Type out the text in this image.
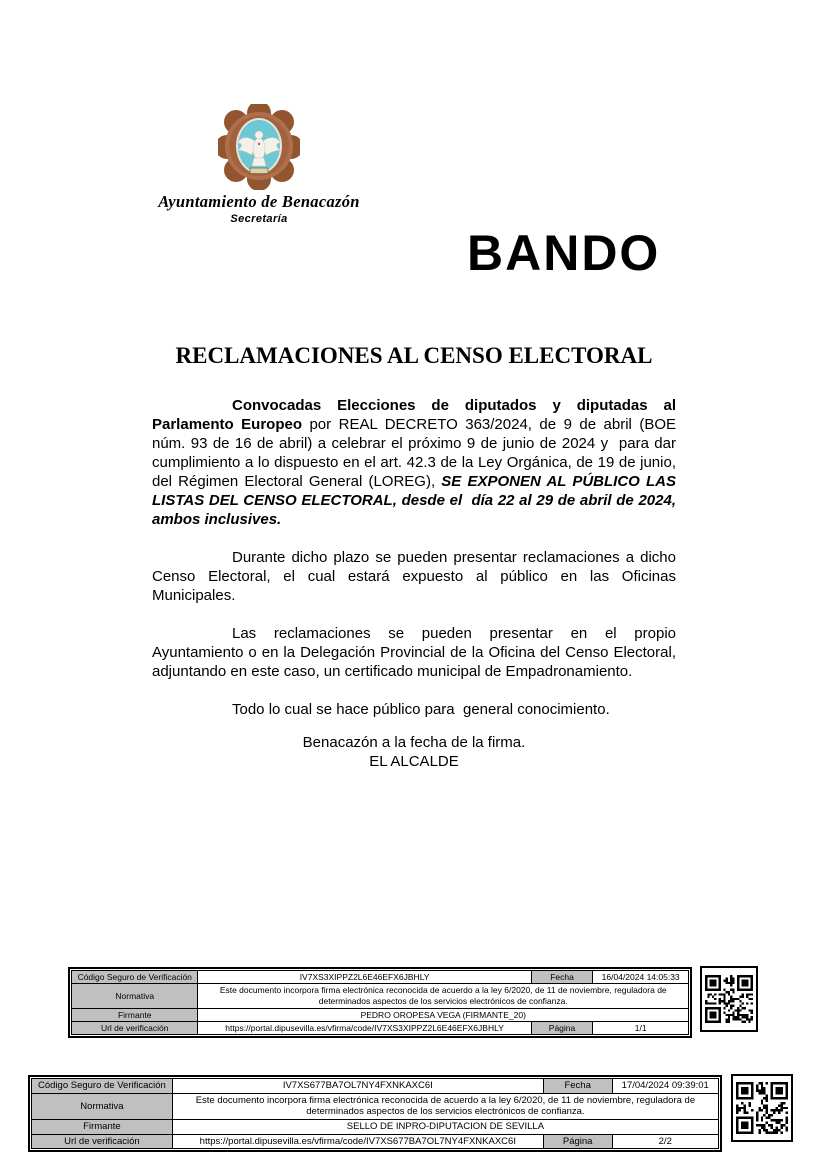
Ayuntamiento de Benacazón
Secretaría
BANDO
RECLAMACIONES AL CENSO ELECTORAL

Convocadas Elecciones de diputados y diputadas al Parlamento Europeo por REAL DECRETO 363/2024, de 9 de abril (BOE núm. 93 de 16 de abril) a celebrar el próximo 9 de junio de 2024 y  para dar cumplimiento a lo dispuesto en el art. 42.3 de la Ley Orgánica, de 19 de junio, del Régimen Electoral General (LOREG), SE EXPONEN AL PÚBLICO LAS LISTAS DEL CENSO ELECTORAL, desde el  día 22 al 29 de abril de 2024, ambos inclusives.

Durante dicho plazo se pueden presentar reclamaciones a dicho Censo Electoral, el cual estará expuesto al público en las Oficinas Municipales.

Las reclamaciones se pueden presentar en el propio Ayuntamiento o en la Delegación Provincial de la Oficina del Censo Electoral, adjuntando en este caso, un certificado municipal de Empadronamiento.

Todo lo cual se hace público para  general conocimiento.

Benacazón a la fecha de la firma.
EL ALCALDE
Código Seguro de Verificación	IV7XS3XIPPZ2L6E46EFX6JBHLY	Fecha	16/04/2024 14:05:33
Normativa	Este documento incorpora firma electrónica reconocida de acuerdo a la ley 6/2020, de 11 de noviembre, reguladora de determinados aspectos de los servicios electrónicos de confianza.		
Firmante	PEDRO OROPESA VEGA (FIRMANTE_20)		
Url de verificación	https://portal.dipusevilla.es/vfirma/code/IV7XS3XIPPZ2L6E46EFX6JBHLY	Página	1/1
Código Seguro de Verificación	IV7XS677BA7OL7NY4FXNKAXC6I	Fecha	17/04/2024 09:39:01
Normativa	Este documento incorpora firma electrónica reconocida de acuerdo a la ley 6/2020, de 11 de noviembre, reguladora de determinados aspectos de los servicios electrónicos de confianza.		
Firmante	SELLO DE INPRO-DIPUTACION DE SEVILLA		
Url de verificación	https://portal.dipusevilla.es/vfirma/code/IV7XS677BA7OL7NY4FXNKAXC6I	Página	2/2
